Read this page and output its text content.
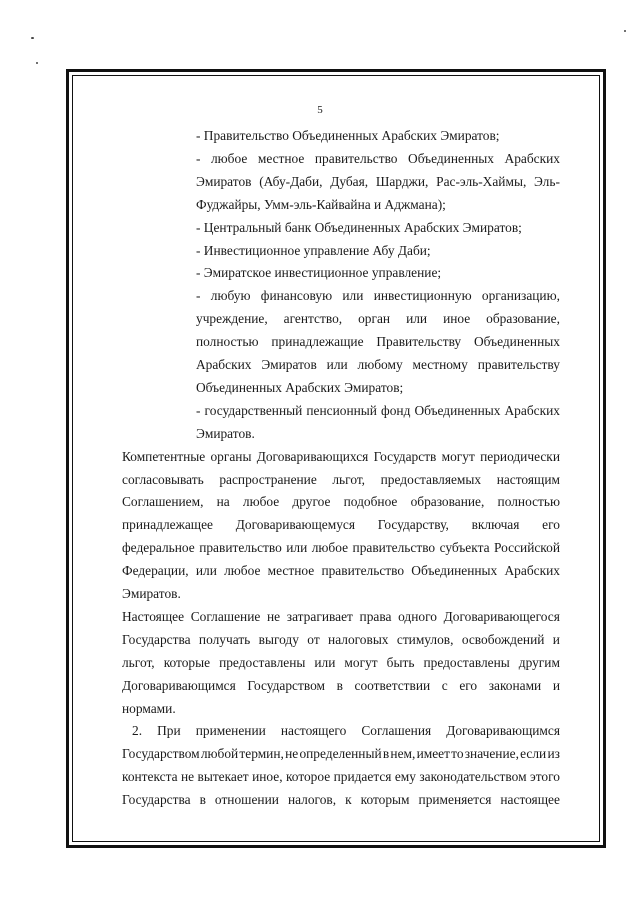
5
- Правительство Объединенных Арабских Эмиратов;
- любое местное правительство Объединенных Арабских
Эмиратов (Абу-Даби, Дубая, Шарджи, Рас-эль-Хаймы, Эль-
Фуджайры, Умм-эль-Кайвайна и Аджмана);
- Центральный банк Объединенных Арабских Эмиратов;
- Инвестиционное управление Абу Даби;
- Эмиратское инвестиционное управление;
- любую финансовую или инвестиционную организацию,
учреждение, агентство, орган или иное образование,
полностью принадлежащие Правительству Объединенных
Арабских Эмиратов или любому местному правительству
Объединенных Арабских Эмиратов;
- государственный пенсионный фонд Объединенных Арабских
Эмиратов.
Компетентные органы Договаривающихся Государств могут периодически
согласовывать распространение льгот, предоставляемых настоящим
Соглашением, на любое другое подобное образование, полностью
принадлежащее Договаривающемуся Государству, включая его
федеральное правительство или любое правительство субъекта Российской
Федерации, или любое местное правительство Объединенных Арабских
Эмиратов.
Настоящее Соглашение не затрагивает права одного Договаривающегося
Государства получать выгоду от налоговых стимулов, освобождений и
льгот, которые предоставлены или могут быть предоставлены другим
Договаривающимся Государством в соответствии с его законами и
нормами.
2. При применении настоящего Соглашения Договаривающимся
Государством любой термин, не определенный в нем, имеет то значение, если из
контекста не вытекает иное, которое придается ему законодательством этого
Государства в отношении налогов, к которым применяется настоящее
